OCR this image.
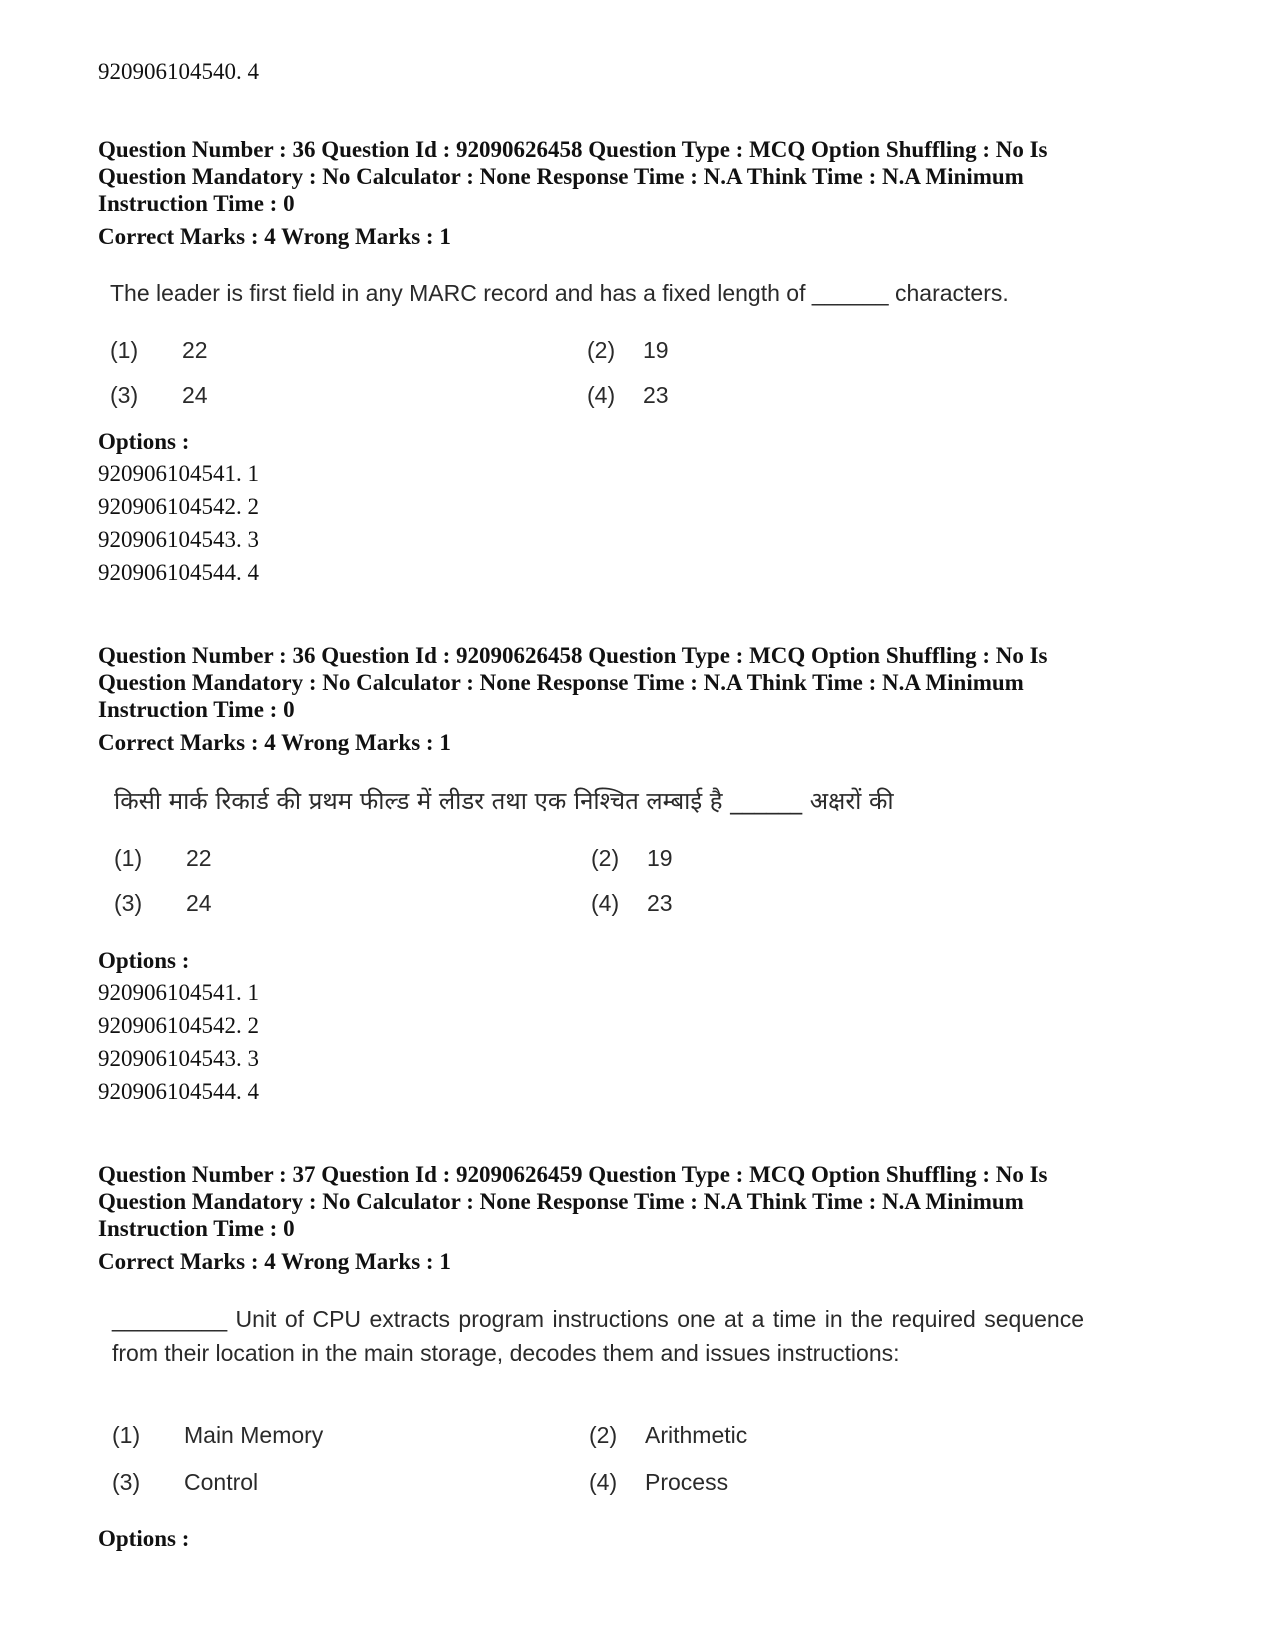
920906104540. 4
Question Number : 36 Question Id : 92090626458 Question Type : MCQ Option Shuffling : No Is
Question Mandatory : No Calculator : None Response Time : N.A Think Time : N.A Minimum
Instruction Time : 0
Correct Marks : 4 Wrong Marks : 1
The leader is first field in any MARC record and has a fixed length of ______ characters.
(1) 22	(2) 19
(3) 24	(4) 23
Options :
920906104541. 1
920906104542. 2
920906104543. 3
920906104544. 4
Question Number : 36 Question Id : 92090626458 Question Type : MCQ Option Shuffling : No Is
Question Mandatory : No Calculator : None Response Time : N.A Think Time : N.A Minimum
Instruction Time : 0
Correct Marks : 4 Wrong Marks : 1
किसी मार्क रिकार्ड की प्रथम फील्ड में लीडर तथा एक निश्चित लम्बाई है ______ अक्षरों की
(1) 22	(2) 19
(3) 24	(4) 23
Options :
920906104541. 1
920906104542. 2
920906104543. 3
920906104544. 4
Question Number : 37 Question Id : 92090626459 Question Type : MCQ Option Shuffling : No Is
Question Mandatory : No Calculator : None Response Time : N.A Think Time : N.A Minimum
Instruction Time : 0
Correct Marks : 4 Wrong Marks : 1
_________ Unit of CPU extracts program instructions one at a time in the required sequence from their location in the main storage, decodes them and issues instructions:
(1) Main Memory	(2) Arithmetic
(3) Control	(4) Process
Options :
